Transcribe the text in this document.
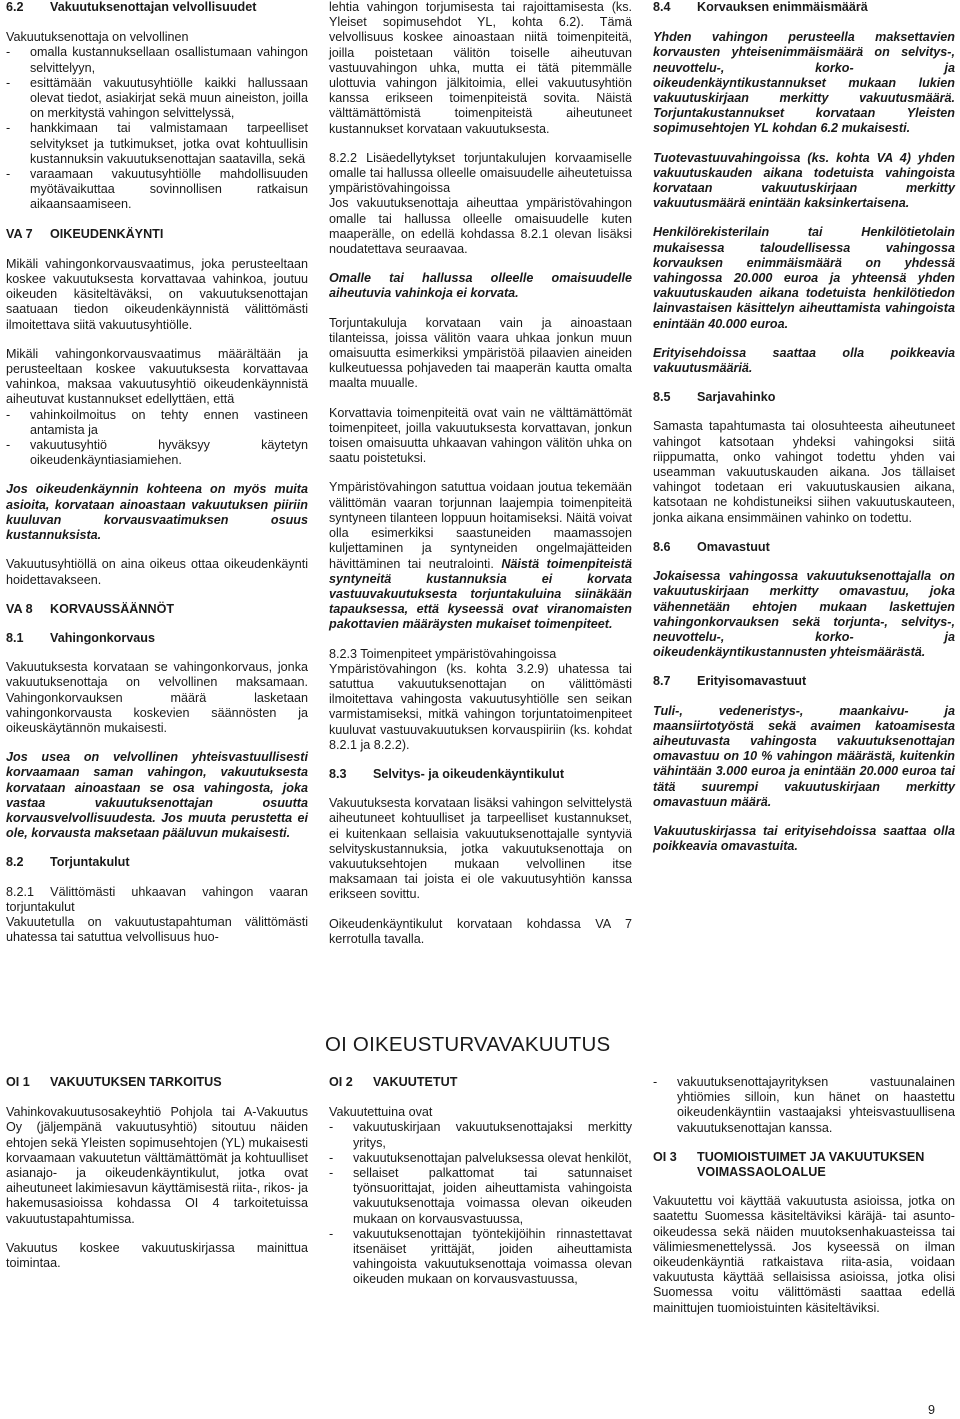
6.2	Vakuutuksenottajan velvollisuudet

Vakuutuksenottaja on velvollinen

-	omalla kustannuksellaan osallistumaan vahingon selvittelyyn,
-	esittämään vakuutusyhtiölle kaikki hallussaan olevat tiedot, asiakirjat sekä muun aineiston, joilla on merkitystä vahingon selvittelyssä,
-	hankkimaan tai valmistamaan tarpeelliset selvitykset ja tutkimukset, jotka ovat kohtuullisin kustannuksin vakuutuksenottajan saatavilla, sekä
-	varaamaan vakuutusyhtiölle mahdollisuuden myötävaikuttaa sovinnollisen ratkaisun aikaansaamiseen.
VA 7	OIKEUDENKÄYNTI

Mikäli vahingonkorvausvaatimus, joka perusteeltaan koskee vakuutuksesta korvattavaa vahinkoa, joutuu oikeuden käsiteltäväksi, on vakuutuksenottajan saatuaan tiedon oikeudenkäynnistä välittömästi ilmoitettava siitä vakuutusyhtiölle.

Mikäli vahingonkorvausvaatimus määrältään ja perusteeltaan koskee vakuutuksesta korvattavaa vahinkoa, maksaa vakuutusyhtiö oikeudenkäynnistä aiheutuvat kustannukset edellyttäen, että

-	vahinkoilmoitus on tehty ennen vastineen antamista ja
-	vakuutusyhtiö hyväksyy käytetyn oikeudenkäyntiasiamiehen.

Jos oikeudenkäynnin kohteena on myös muita asioita, korvataan ainoastaan vakuutuksen piiriin kuuluvan korvausvaatimuksen osuus kustannuksista.

Vakuutusyhtiöllä on aina oikeus ottaa oikeudenkäynti hoidettavakseen.

VA 8	KORVAUSSÄÄNNÖT
8.1	Vahingonkorvaus

Vakuutuksesta korvataan se vahingonkorvaus, jonka vakuutuksenottaja on velvollinen maksamaan. Vahingonkorvauksen määrä lasketaan vahingonkorvausta koskevien säännösten ja oikeuskäytännön mukaisesti.

Jos usea on velvollinen yhteisvastuullisesti korvaamaan saman vahingon, vakuutuksesta korvataan ainoastaan se osa vahingosta, joka vastaa vakuutuksenottajan osuutta korvausvelvollisuudesta. Jos muuta perustetta ei ole, korvausta maksetaan pääluvun mukaisesti.

8.2	Torjuntakulut

8.2.1 Välittömästi uhkaavan vahingon vaaran torjuntakulut

Vakuutetulla on vakuutustapahtuman välittömästi uhatessa tai satuttua velvollisuus huo-

lehtia vahingon torjumisesta tai rajoittamisesta (ks. Yleiset sopimusehdot YL, kohta 6.2). Tämä velvollisuus koskee ainoastaan niitä toimenpiteitä, joilla poistetaan välitön toiselle aiheutuvan vastuuvahingon uhka, mutta ei tätä pitemmälle ulottuvia vahingon jälkitoimia, ellei vakuutusyhtiön kanssa erikseen toimenpiteistä sovita. Näistä välttämättömistä toimenpiteistä aiheutuneet kustannukset korvataan vakuutuksesta.

8.2.2 Lisäedellytykset torjuntakulujen korvaamiselle omalle tai hallussa olleelle omaisuudelle aiheutetuissa ympäristövahingoissa

Jos vakuutuksenottaja aiheuttaa ympäristövahingon omalle tai hallussa olleelle omaisuudelle kuten maaperälle, on edellä kohdassa 8.2.1 olevan lisäksi noudatettava seuraavaa.

Omalle tai hallussa olleelle omaisuudelle aiheutuvia vahinkoja ei korvata.

Torjuntakuluja korvataan vain ja ainoastaan tilanteissa, joissa välitön vaara uhkaa jonkun muun omaisuutta esimerkiksi ympäristöä pilaavien aineiden kulkeutuessa pohjaveden tai maaperän kautta omalta maalta muualle.

Korvattavia toimenpiteitä ovat vain ne välttämättömät toimenpiteet, joilla vakuutuksesta korvattavan, jonkun toisen omaisuutta uhkaavan vahingon välitön uhka on saatu poistetuksi.

Ympäristövahingon satuttua voidaan joutua tekemään välittömän vaaran torjunnan laajempia toimenpiteitä syntyneen tilanteen loppuun hoitamiseksi. Näitä voivat olla esimerkiksi saastuneiden maamassojen kuljettaminen ja syntyneiden ongelmajätteiden hävittäminen tai neutralointi. Näistä toimenpiteistä syntyneitä kustannuksia ei korvata vastuuvakuutuksesta torjuntakuluina siinäkään tapauksessa, että kyseessä ovat viranomaisten pakottavien määräysten mukaiset toimenpiteet.

8.2.3 Toimenpiteet ympäristövahingoissa

Ympäristövahingon (ks. kohta 3.2.9) uhatessa tai satuttua vakuutuksenottajan on välittömästi ilmoitettava vahingosta vakuutusyhtiölle sen seikan varmistamiseksi, mitkä vahingon torjuntatoimenpiteet kuuluvat vastuuvakuutuksen korvauspiiriin (ks. kohdat 8.2.1 ja 8.2.2).

8.3	Selvitys- ja oikeudenkäyntikulut

Vakuutuksesta korvataan lisäksi vahingon selvittelystä aiheutuneet kohtuulliset ja tarpeelliset kustannukset, ei kuitenkaan sellaisia vakuutuksenottajalle syntyviä selvityskustannuksia, jotka vakuutuksenottaja on vakuutuksehtojen mukaan velvollinen itse maksamaan tai joista ei ole vakuutusyhtiön kanssa erikseen sovittu.

Oikeudenkäyntikulut korvataan kohdassa VA 7 kerrotulla tavalla.

8.4	Korvauksen enimmäismäärä

Yhden vahingon perusteella maksettavien korvausten yhteisenimmäismäärä on selvitys-, neuvottelu-, korko- ja oikeudenkäyntikustannukset mukaan lukien vakuutuskirjaan merkitty vakuutusmäärä. Torjuntakustannukset korvataan Yleisten sopimusehtojen YL kohdan 6.2 mukaisesti.

Tuotevastuuvahingoissa (ks. kohta VA 4) yhden vakuutuskauden aikana todetuista vahingoista korvataan vakuutuskirjaan merkitty vakuutusmäärä enintään kaksinkertaisena.

Henkilörekisterilain tai Henkilötietolain mukaisessa taloudellisessa vahingossa korvauksen enimmäismäärä on yhdessä vahingossa 20.000 euroa ja yhteensä yhden vakuutuskauden aikana todetuista henkilötiedon lainvastaisen käsittelyn aiheuttamista vahingoista enintään 40.000 euroa.

Erityisehdoissa saattaa olla poikkeavia vakuutusmääriä.

8.5	Sarjavahinko

Samasta tapahtumasta tai olosuhteesta aiheutuneet vahingot katsotaan yhdeksi vahingoksi siitä riippumatta, onko vahingot todettu yhden vai useamman vakuutuskauden aikana. Jos tällaiset vahingot todetaan eri vakuutuskausien aikana, katsotaan ne kohdistuneiksi siihen vakuutuskauteen, jonka aikana ensimmäinen vahinko on todettu.

8.6	Omavastuut

Jokaisessa vahingossa vakuutuksenottajalla on vakuutuskirjaan merkitty omavastuu, joka vähennetään ehtojen mukaan laskettujen vahingonkorvauksen sekä torjunta-, selvitys-, neuvottelu-, korko- ja oikeudenkäyntikustannusten yhteismäärästä.

8.7	Erityisomavastuut

Tuli-, vedeneristys-, maankaivu- ja maansiirtotyöstä sekä avaimen katoamisesta aiheutuvasta vahingosta vakuutuksenottajan omavastuu on 10 % vahingon määrästä, kuitenkin vähintään 3.000 euroa ja enintään 20.000 euroa tai tätä suurempi vakuutuskirjaan merkitty omavastuun määrä.

Vakuutuskirjassa tai erityisehdoissa saattaa olla poikkeavia omavastuita.

OI OIKEUSTURVAVAKUUTUS
OI 1	VAKUUTUKSEN TARKOITUS

Vahinkovakuutusosakeyhtiö Pohjola tai A-Vakuutus Oy (jäljempänä vakuutusyhtiö) sitoutuu näiden ehtojen sekä Yleisten sopimusehtojen (YL) mukaisesti korvaamaan vakuutetun välttämättömät ja kohtuulliset asianajo- ja oikeudenkäyntikulut, jotka ovat aiheutuneet lakimiesavun käyttämisestä riita-, rikos- ja hakemusasioissa kohdassa OI 4 tarkoitetuissa vakuutustapahtumissa.

Vakuutus koskee vakuutuskirjassa mainittua toimintaa.

OI 2	VAKUUTETUT

Vakuutettuina ovat

-	vakuutuskirjaan vakuutuksenottajaksi merkitty yritys,
-	vakuutuksenottajan palveluksessa olevat henkilöt,
-	sellaiset palkattomat tai satunnaiset työnsuorittajat, joiden aiheuttamista vahingoista vakuutuksenottaja voimassa olevan oikeuden mukaan on korvausvastuussa,
-	vakuutuksenottajan työntekijöihin rinnastettavat itsenäiset yrittäjät, joiden aiheuttamista vahingoista vakuutuksenottaja voimassa olevan oikeuden mukaan on korvausvastuussa,
-	vakuutuksenottajayrityksen vastuunalainen yhtiömies silloin, kun hänet on haastettu oikeudenkäyntiin vastaajaksi yhteisvastuullisena vakuutuksenottajan kanssa.
OI 3	TUOMIOISTUIMET JA VAKUUTUKSEN VOIMASSAOLOALUE

Vakuutettu voi käyttää vakuutusta asioissa, jotka on saatettu Suomessa käsiteltäviksi käräjä- tai asunto-oikeudessa sekä näiden muutoksenhakuasteissa tai välimiesmenettelyssä. Jos kyseessä on ilman oikeudenkäyntiä ratkaistava riita-asia, voidaan vakuutusta käyttää sellaisissa asioissa, jotka olisi Suomessa voitu välittömästi saattaa edellä mainittujen tuomioistuinten käsiteltäviksi.

9
